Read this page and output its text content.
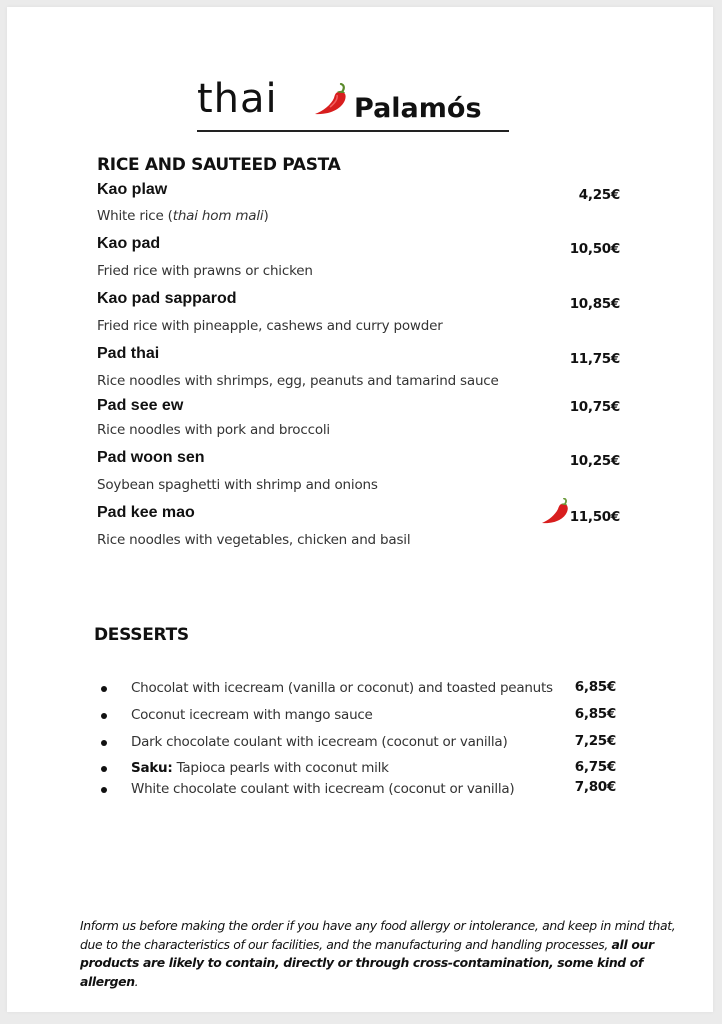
thai	Palamós
RICE AND SAUTEED PASTA
Kao plaw	4,25€
White rice (thai hom mali)
Kao pad	10,50€
Fried rice with prawns or chicken
Kao pad sapparod	10,85€
Fried rice with pineapple, cashews and curry powder
Pad thai	11,75€
Rice noodles with shrimps, egg, peanuts and tamarind sauce
Pad see ew	10,75€
Rice noodles with pork and broccoli
Pad woon sen	10,25€
Soybean spaghetti with shrimp and onions
Pad kee mao	11,50€
Rice noodles with vegetables, chicken and basil
DESSERTS
Chocolat with icecream (vanilla or coconut) and toasted peanuts 6,85€
Coconut icecream with mango sauce	6,85€
Dark chocolate coulant with icecream (coconut or vanilla)	7,25€
Saku: Tapioca pearls with coconut milk	6,75€
White chocolate coulant with icecream (coconut or vanilla)	7,80€
Inform us before making the order if you have any food allergy or intolerance, and keep in mind that, due to the characteristics of our facilities, and the manufacturing and handling processes, all our products are likely to contain, directly or through cross-contamination, some kind of allergen.
